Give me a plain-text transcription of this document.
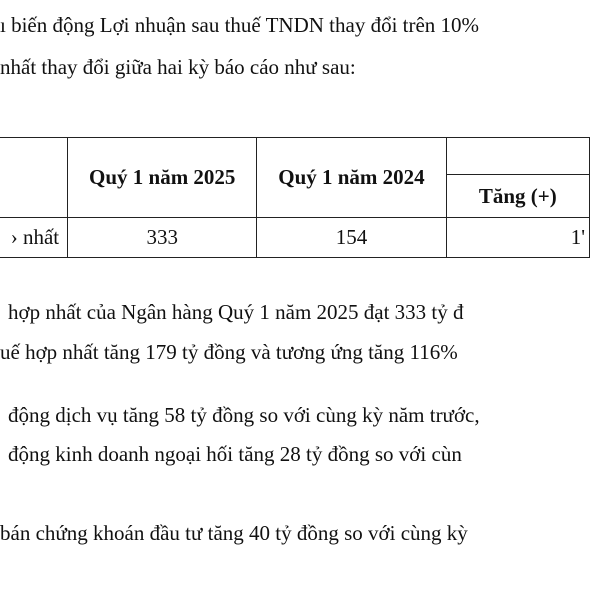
ı biến động Lợi nhuận sau thuế TNDN thay đổi trên 10%
nhất thay đổi giữa hai kỳ báo cáo như sau:
	Quý 1 năm 2025	Quý 1 năm 2024	
			Tăng (+)
› nhất	333	154	1'
hợp nhất của Ngân hàng Quý 1 năm 2025 đạt 333 tỷ đ
uế hợp nhất tăng 179 tỷ đồng và tương ứng tăng 116%
động dịch vụ tăng 58 tỷ đồng so với cùng kỳ năm trước,
động kinh doanh ngoại hối tăng 28 tỷ đồng so với cùn
bán chứng khoán đầu tư tăng 40 tỷ đồng so với cùng kỳ
